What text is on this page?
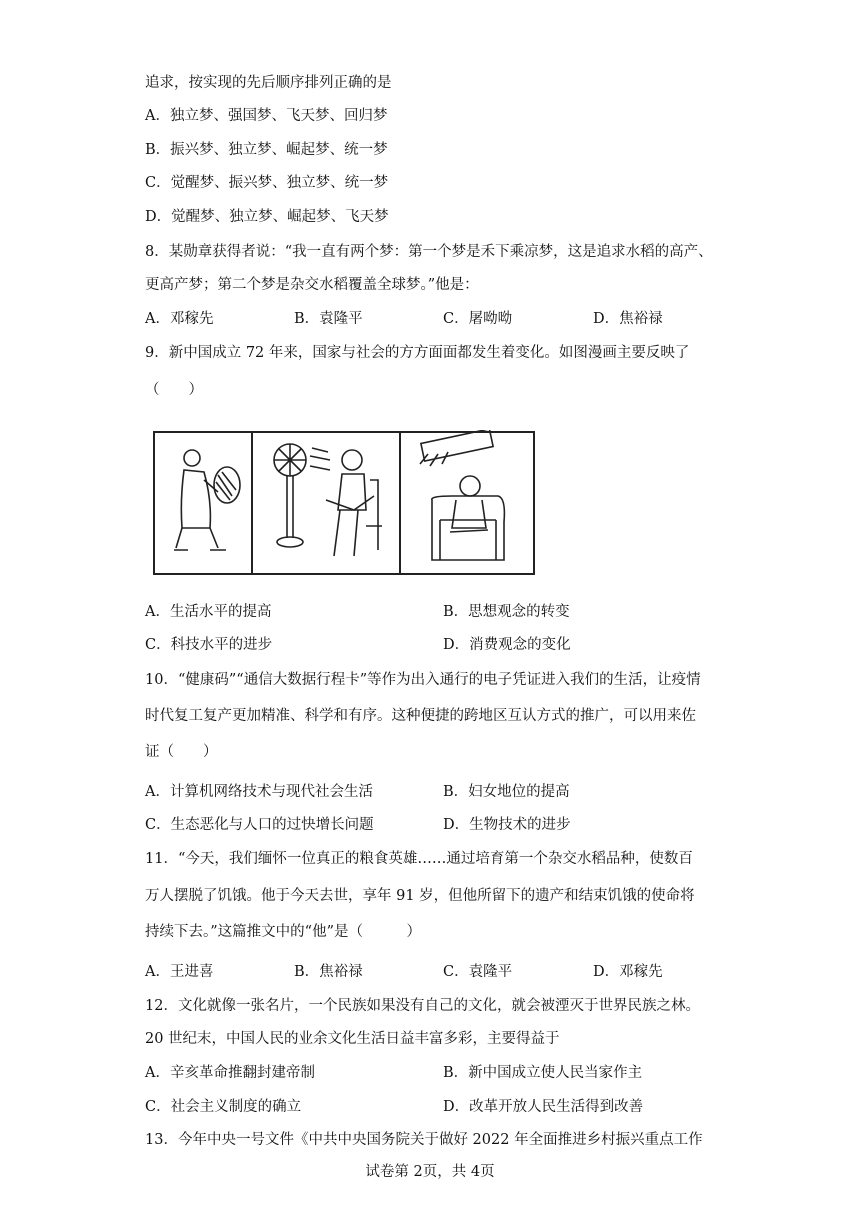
追求，按实现的先后顺序排列正确的是
A．独立梦、强国梦、飞天梦、回归梦
B．振兴梦、独立梦、崛起梦、统一梦
C．觉醒梦、振兴梦、独立梦、统一梦
D．觉醒梦、独立梦、崛起梦、飞天梦
8．某勋章获得者说：“我一直有两个梦：第一个梦是禾下乘凉梦，这是追求水稻的高产、
更高产梦；第二个梦是杂交水稻覆盖全球梦。”他是：
A．邓稼先	B．袁隆平	C．屠呦呦	D．焦裕禄
9．新中国成立 72 年来，国家与社会的方方面面都发生着变化。如图漫画主要反映了
（　　）
A．生活水平的提高	B．思想观念的转变
C．科技水平的进步	D．消费观念的变化
10．“健康码”“通信大数据行程卡”等作为出入通行的电子凭证进入我们的生活，让疫情
时代复工复产更加精准、科学和有序。这种便捷的跨地区互认方式的推广，可以用来佐
证（　　）
A．计算机网络技术与现代社会生活	B．妇女地位的提高
C．生态恶化与人口的过快增长问题	D．生物技术的进步
11．“今天，我们缅怀一位真正的粮食英雄……通过培育第一个杂交水稻品种，使数百
万人摆脱了饥饿。他于今天去世，享年 91 岁，但他所留下的遗产和结束饥饿的使命将
持续下去。”这篇推文中的“他”是（　　　）
A．王进喜	B．焦裕禄	C．袁隆平	D．邓稼先
12．文化就像一张名片，一个民族如果没有自己的文化，就会被湮灭于世界民族之林。
20 世纪末，中国人民的业余文化生活日益丰富多彩，主要得益于
A．辛亥革命推翻封建帝制	B．新中国成立使人民当家作主
C．社会主义制度的确立	D．改革开放人民生活得到改善
13．今年中央一号文件《中共中央国务院关于做好 2022 年全面推进乡村振兴重点工作
试卷第 2页，共 4页
